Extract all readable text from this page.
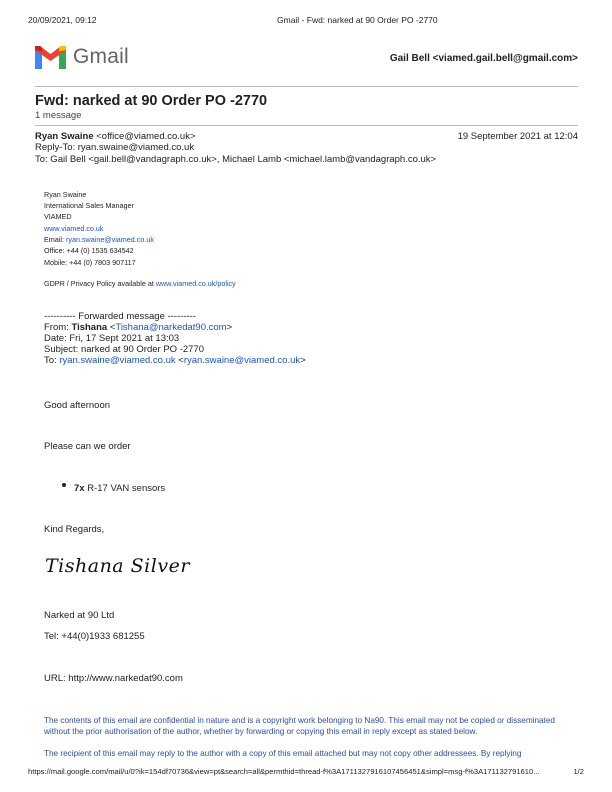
20/09/2021, 09:12	Gmail - Fwd: narked at 90 Order PO -2770
Gmail	Gail Bell <viamed.gail.bell@gmail.com>
Fwd: narked at 90 Order PO -2770
1 message
Ryan Swaine <office@viamed.co.uk>	19 September 2021 at 12:04
Reply-To: ryan.swaine@viamed.co.uk
To: Gail Bell <gail.bell@vandagraph.co.uk>, Michael Lamb <michael.lamb@vandagraph.co.uk>
Ryan Swaine
International Sales Manager
VIAMED
www.viamed.co.uk
Email: ryan.swaine@viamed.co.uk
Office: +44 (0) 1535 634542
Mobile: +44 (0) 7803 907117
GDPR / Privacy Policy available at www.viamed.co.uk/policy
---------- Forwarded message ---------
From: Tishana <Tishana@narkedat90.com>
Date: Fri, 17 Sept 2021 at 13:03
Subject: narked at 90 Order PO -2770
To: ryan.swaine@viamed.co.uk <ryan.swaine@viamed.co.uk>
Good afternoon
Please can we order
7x R-17 VAN sensors
Kind Regards,
Tishana Silver
Narked at 90 Ltd
Tel: +44(0)1933 681255
URL: http://www.narkedat90.com
The contents of this email are confidential in nature and is a copyright work belonging to Na90. This email may not be copied or disseminated without the prior authorisation of the author, whether by forwarding or copying this email in reply except as stated below.
The recipient of this email may reply to the author with a copy of this email attached but may not copy other addressees. By replying
https://mail.google.com/mail/u/0?ik=154df70736&view=pt&search=all&permthid=thread-f%3A1711327916107456451&simpl=msg-f%3A171132791610...	1/2
